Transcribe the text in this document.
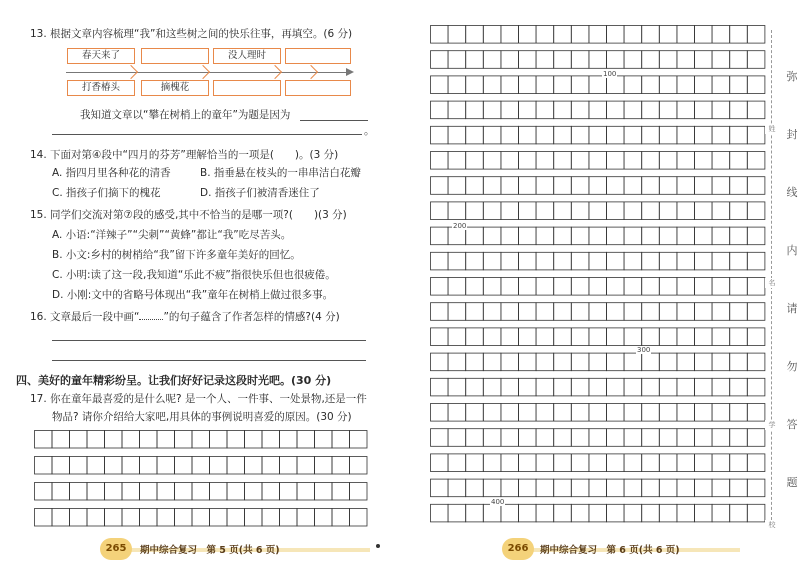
13. 根据文章内容梳理“我”和这些树之间的快乐往事，再填空。(6 分)
春天来了	没人理时
打香椿头	摘槐花
我知道文章以“攀在树梢上的童年”为题是因为
。
14. 下面对第④段中“四月的芬芳”理解恰当的一项是(　　)。(3 分)
A. 指四月里各种花的清香	B. 指垂悬在枝头的一串串洁白花瓣
C. 指孩子们摘下的槐花	D. 指孩子们被清香迷住了
15. 同学们交流对第⑦段的感受,其中不恰当的是哪一项?(　　)(3 分)
A. 小语:“洋辣子”“尖刺”“黄蜂”都让“我”吃尽苦头。
B. 小文:乡村的树梢给“我”留下许多童年美好的回忆。
C. 小明:读了这一段,我知道“乐此不疲”指很快乐但也很疲倦。
D. 小刚:文中的省略号体现出“我”童年在树梢上做过很多事。
16. 文章最后一段中画“ ”的句子蕴含了作者怎样的情感?(4 分)
四、美好的童年精彩纷呈。让我们好好记录这段时光吧。(30 分)
17. 你在童年最喜爱的是什么呢? 是一个人、一件事、一处景物,还是一件
物品? 请你介绍给大家吧,用具体的事例说明喜爱的原因。(30 分)
265	期中综合复习　第 5 页(共 6 页)
100
200
300
400
266	期中综合复习　第 6 页(共 6 页)
弥
封
线
内
请
勿
答
题
姓
名
学
校
